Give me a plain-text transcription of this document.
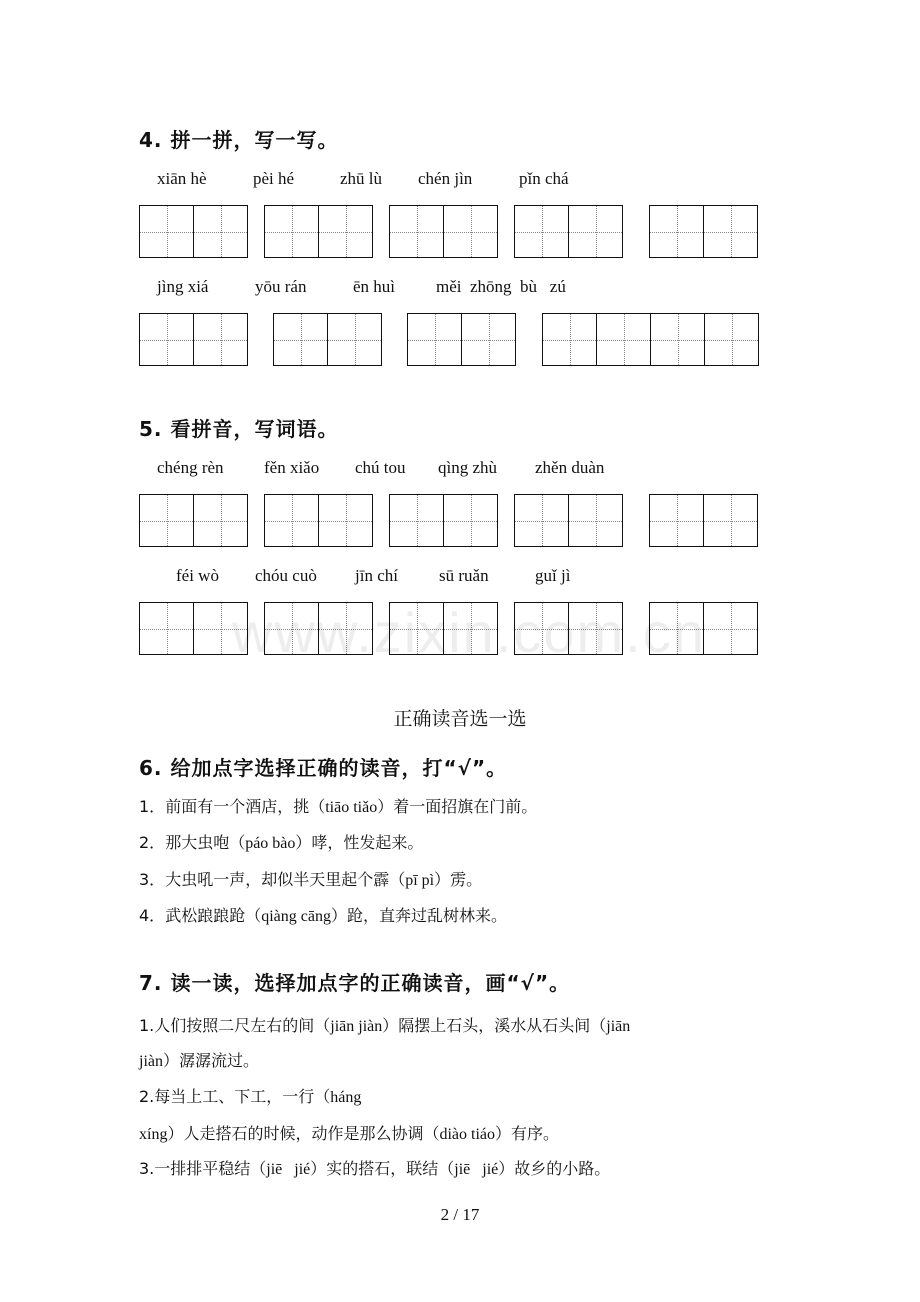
4. 拼一拼，写一写。
xiān hè	pèi hé	zhū lù chén jìn	pǐn chá
jìng xiá	yōu rán	ēn huì měi  zhōng  bù   zú
5. 看拼音，写词语。
chéng rèn fěn xiǎo chú tou qìng zhù zhěn duàn
féi wò chóu cuò jīn chí sū ruǎn	guǐ jì
www.zixin.com.cn
正确读音选一选
6. 给加点字选择正确的读音，打“√”。
1．前面有一个酒店，挑（tiāo tiǎo）着一面招旗在门前。
2．那大虫咆（páo bào）哮，性发起来。
3．大虫吼一声，却似半天里起个霹（pī pì）雳。
4．武松踉踉跄（qiàng cāng）跄，直奔过乱树林来。
7. 读一读，选择加点字的正确读音，画“√”。
1.人们按照二尺左右的间（jiān jiàn）隔摆上石头，溪水从石头间（jiān
jiàn）潺潺流过。
2.每当上工、下工，一行（háng
xíng）人走搭石的时候，动作是那么协调（diào tiáo）有序。
3.一排排平稳结（jiē   jié）实的搭石，联结（jiē   jié）故乡的小路。
2 / 17
